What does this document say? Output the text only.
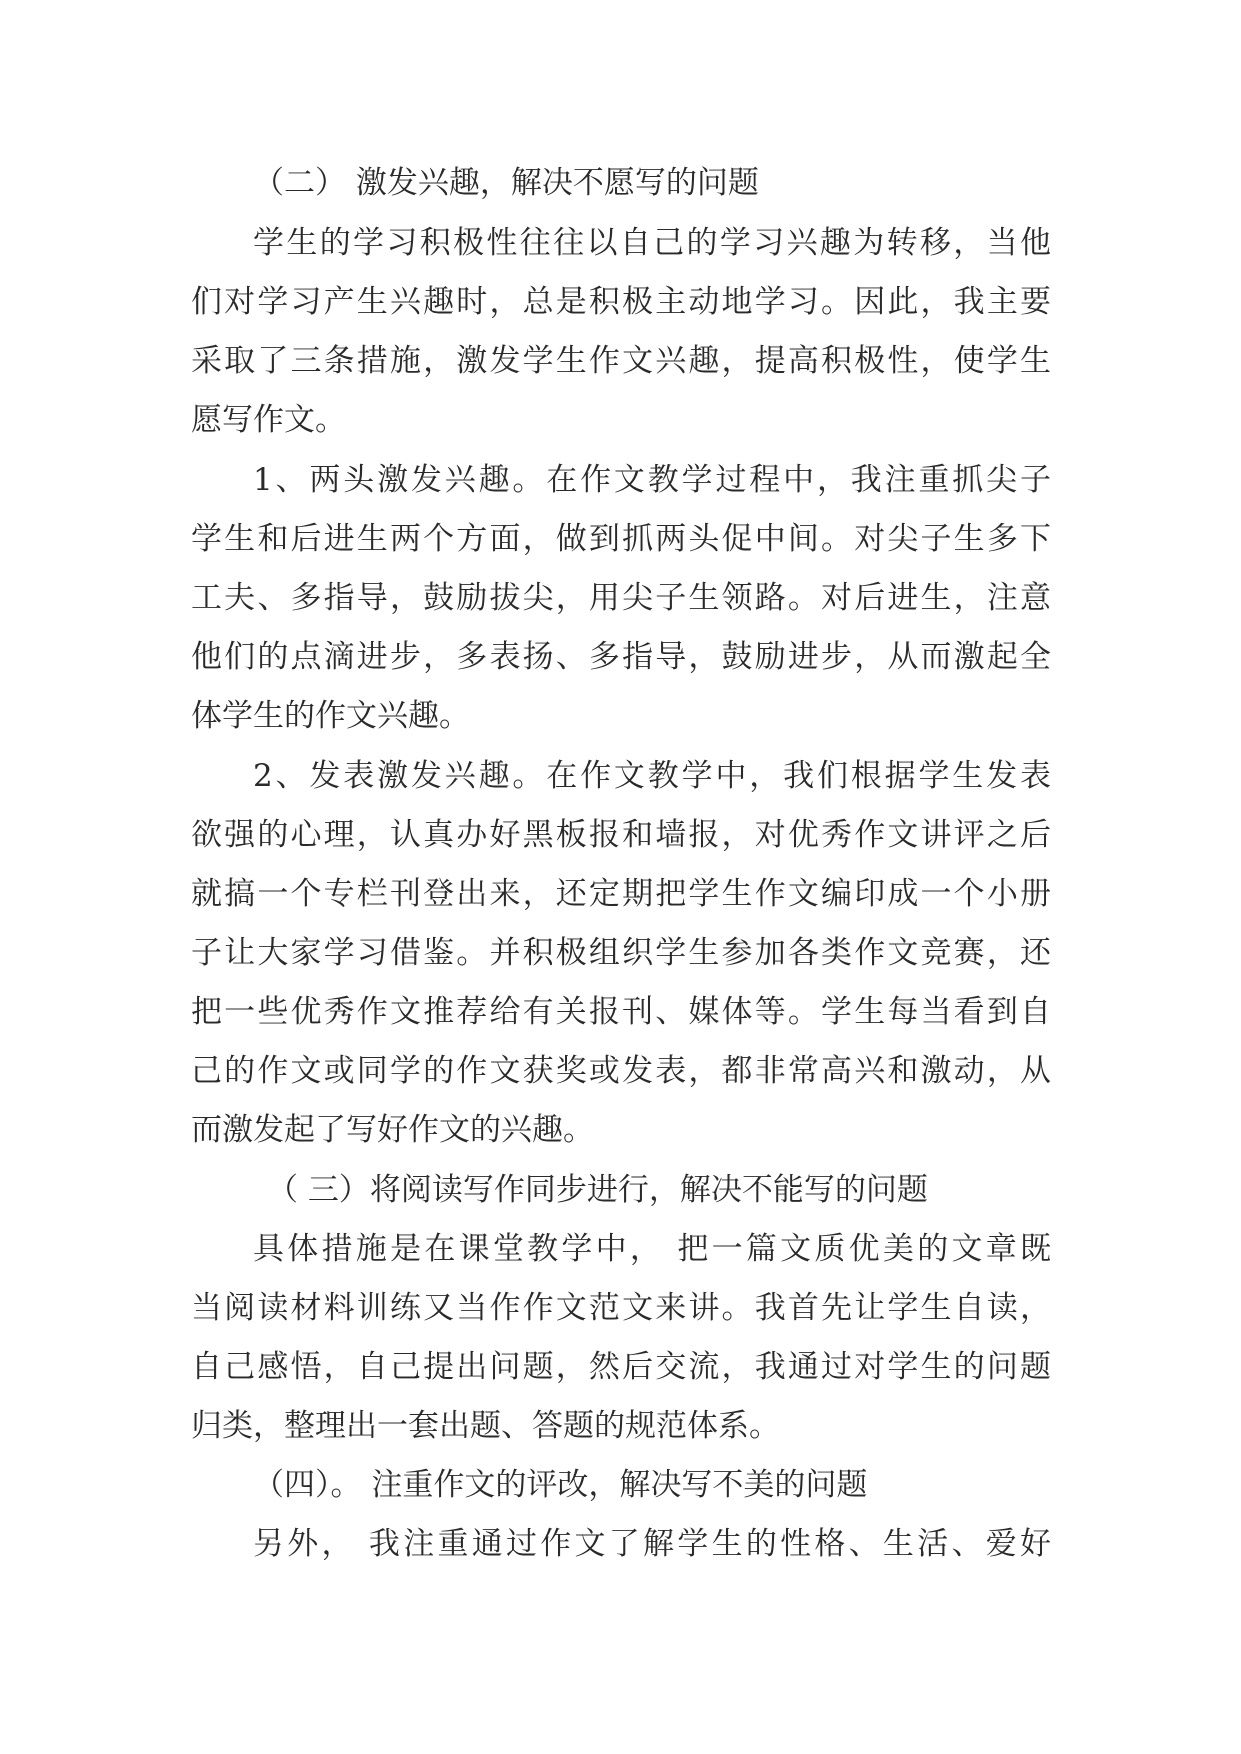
（二） 激发兴趣，解决不愿写的问题
学生的学习积极性往往以自己的学习兴趣为转移，当他
们对学习产生兴趣时，总是积极主动地学习。因此，我主要
采取了三条措施，激发学生作文兴趣，提高积极性，使学生
愿写作文。
1、两头激发兴趣。在作文教学过程中，我注重抓尖子
学生和后进生两个方面，做到抓两头促中间。对尖子生多下
工夫、多指导，鼓励拔尖，用尖子生领路。对后进生，注意
他们的点滴进步，多表扬、多指导，鼓励进步，从而激起全
体学生的作文兴趣。
2、发表激发兴趣。在作文教学中，我们根据学生发表
欲强的心理，认真办好黑板报和墙报，对优秀作文讲评之后
就搞一个专栏刊登出来，还定期把学生作文编印成一个小册
子让大家学习借鉴。并积极组织学生参加各类作文竞赛，还
把一些优秀作文推荐给有关报刊、媒体等。学生每当看到自
己的作文或同学的作文获奖或发表，都非常高兴和激动，从
而激发起了写好作文的兴趣。
（ 三）将阅读写作同步进行，解决不能写的问题
具体措施是在课堂教学中， 把一篇文质优美的文章既
当阅读材料训练又当作作文范文来讲。我首先让学生自读，
自己感悟，自己提出问题，然后交流，我通过对学生的问题
归类，整理出一套出题、答题的规范体系。
（四）。 注重作文的评改，解决写不美的问题
另外， 我注重通过作文了解学生的性格、生活、爱好
